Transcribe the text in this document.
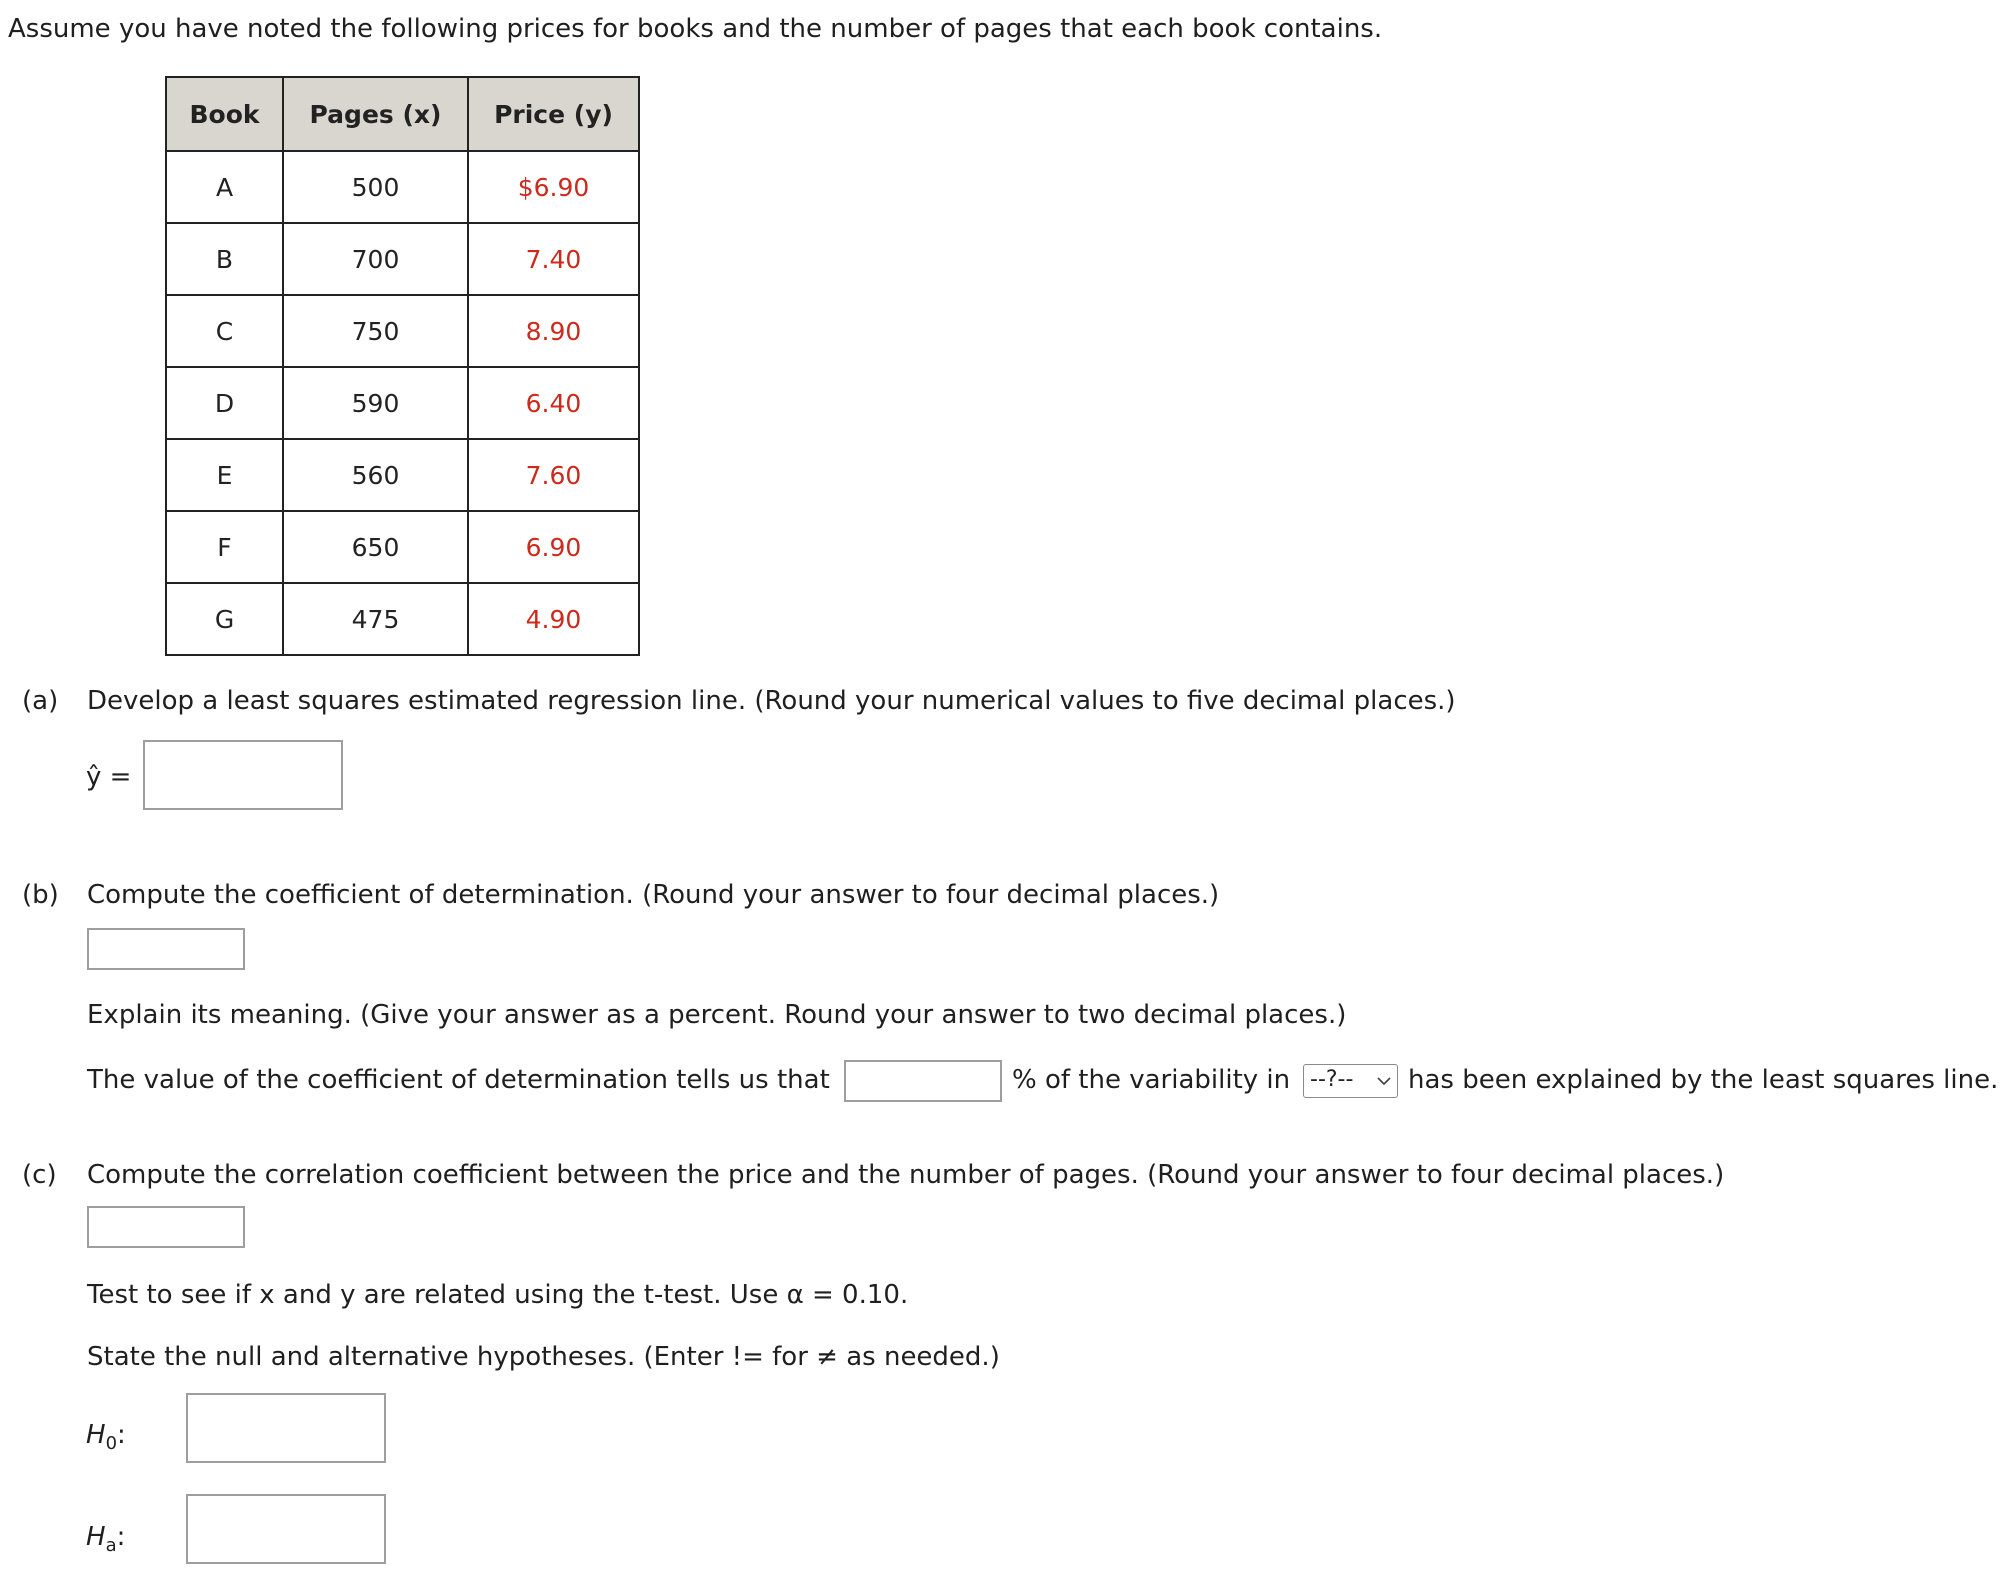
Assume you have noted the following prices for books and the number of pages that each book contains.
Book	Pages (x)	Price (y)
A	500	$6.90
B	700	7.40
C	750	8.90
D	590	6.40
E	560	7.60
F	650	6.90
G	475	4.90
(a) Develop a least squares estimated regression line. (Round your numerical values to five decimal places.)
ŷ =
(b) Compute the coefficient of determination. (Round your answer to four decimal places.)
Explain its meaning. (Give your answer as a percent. Round your answer to two decimal places.)
The value of the coefficient of determination tells us that	% of the variability in --?--	has been explained by the least squares line.
(c) Compute the correlation coefficient between the price and the number of pages. (Round your answer to four decimal places.)
Test to see if x and y are related using the t-test. Use α = 0.10.
State the null and alternative hypotheses. (Enter != for ≠ as needed.)
$H_0$:
$H_a$:
